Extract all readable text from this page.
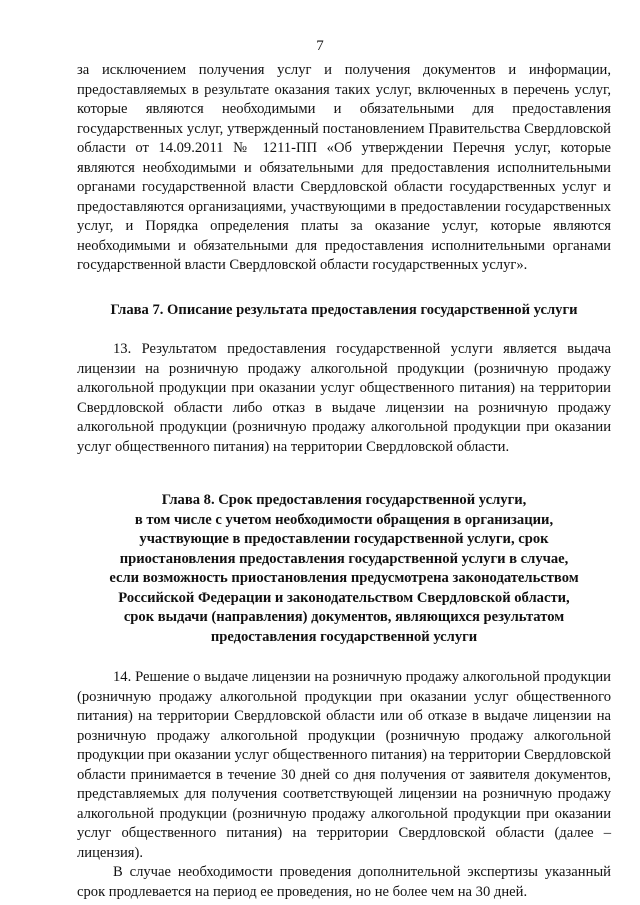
7

за исключением получения услуг и получения документов и информации, предоставляемых в результате оказания таких услуг, включенных в перечень услуг, которые являются необходимыми и обязательными для предоставления государственных услуг, утвержденный постановлением Правительства Свердловской области от 14.09.2011 № 1211-ПП «Об утверждении Перечня услуг, которые являются необходимыми и обязательными для предоставления исполнительными органами государственной власти Свердловской области государственных услуг и предоставляются организациями, участвующими в предоставлении государственных услуг, и Порядка определения платы за оказание услуг, которые являются необходимыми и обязательными для предоставления исполнительными органами государственной власти Свердловской области государственных услуг».

Глава 7. Описание результата предоставления государственной услуги

13. Результатом предоставления государственной услуги является выдача лицензии на розничную продажу алкогольной продукции (розничную продажу алкогольной продукции при оказании услуг общественного питания) на территории Свердловской области либо отказ в выдаче лицензии на розничную продажу алкогольной продукции (розничную продажу алкогольной продукции при оказании услуг общественного питания) на территории Свердловской области.

Глава 8. Срок предоставления государственной услуги,
в том числе с учетом необходимости обращения в организации,
участвующие в предоставлении государственной услуги, срок
приостановления предоставления государственной услуги в случае,
если возможность приостановления предусмотрена законодательством
Российской Федерации и законодательством Свердловской области,
срок выдачи (направления) документов, являющихся результатом
предоставления государственной услуги

14. Решение о выдаче лицензии на розничную продажу алкогольной продукции (розничную продажу алкогольной продукции при оказании услуг общественного питания) на территории Свердловской области или об отказе в выдаче лицензии на розничную продажу алкогольной продукции (розничную продажу алкогольной продукции при оказании услуг общественного питания) на территории Свердловской области принимается в течение 30 дней со дня получения от заявителя документов, представляемых для получения соответствующей лицензии на розничную продажу алкогольной продукции (розничную продажу алкогольной продукции при оказании услуг общественного питания) на территории Свердловской области (далее – лицензия).

В случае необходимости проведения дополнительной экспертизы указанный срок продлевается на период ее проведения, но не более чем на 30 дней.
